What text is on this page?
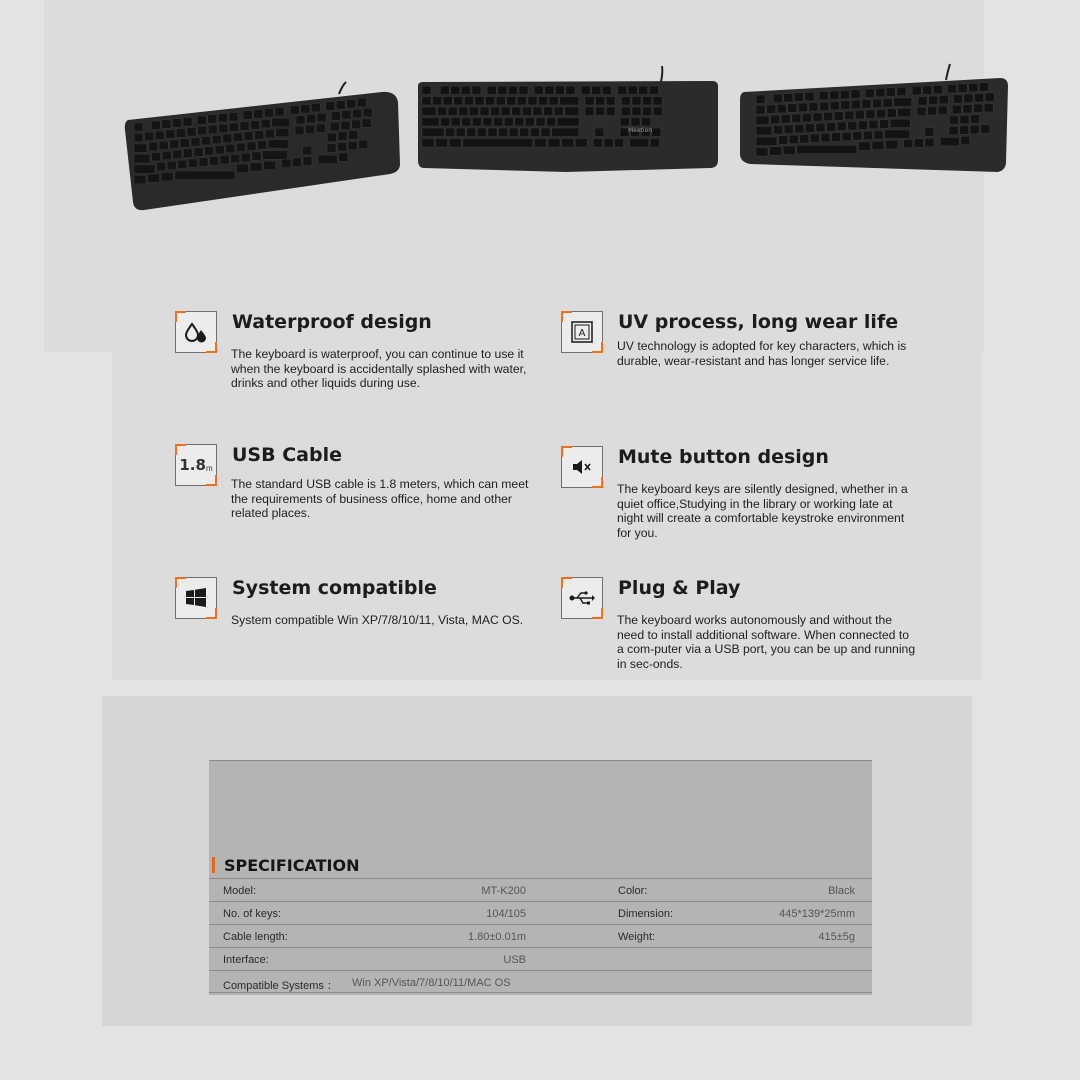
Meetion
Waterproof design
The keyboard is waterproof, you can continue to use it when the keyboard is accidentally splashed with water, drinks and other liquids during use.
A
UV process, long wear life
UV technology is adopted for key characters, which is durable, wear-resistant and has longer service life.
1.8 m
USB Cable
The standard USB cable is 1.8 meters, which can meet the requirements of business office, home and other related places.
Mute button design
The keyboard keys are silently designed, whether in a quiet office,Studying in the library or working late at night will create a comfortable keystroke environment for you.
System compatible
System compatible Win XP/7/8/10/11, Vista, MAC OS.
Plug & Play
The keyboard works autonomously and without the need to install additional software. When connected to a com-puter via a USB port, you can be up and running in sec-onds.
SPECIFICATION
Model:	MT-K200	Color:	Black
No. of keys:	104/105	Dimension:	445*139*25mm
Cable length:	1.80±0.01m	Weight:	415±5g
Interface:	USB
Compatible Systems ： Win XP/Vista/7/8/10/11/MAC OS
